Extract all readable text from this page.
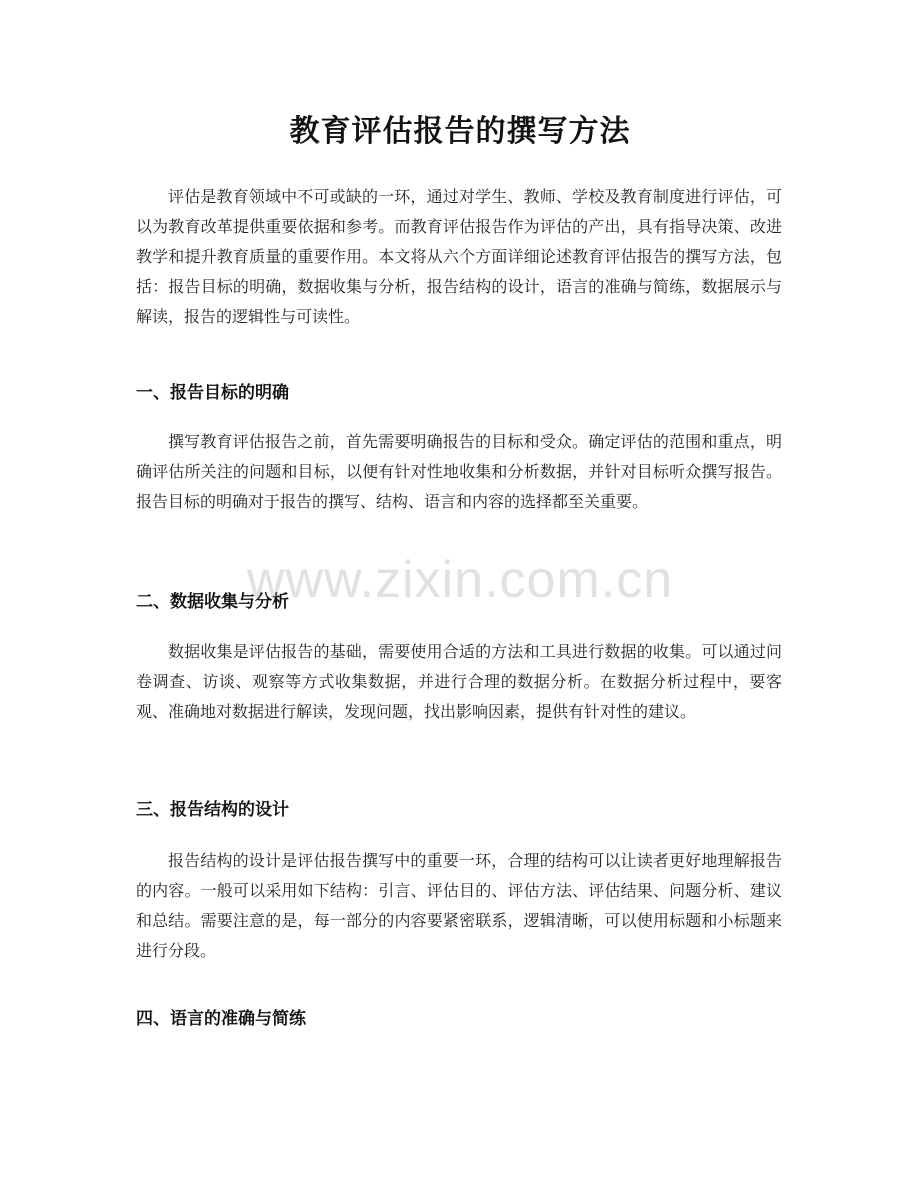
教育评估报告的撰写方法

评估是教育领域中不可或缺的一环，通过对学生、教师、学校及教育制度进行评估，可以为教育改革提供重要依据和参考。而教育评估报告作为评估的产出，具有指导决策、改进教学和提升教育质量的重要作用。本文将从六个方面详细论述教育评估报告的撰写方法，包括：报告目标的明确，数据收集与分析，报告结构的设计，语言的准确与简练，数据展示与解读，报告的逻辑性与可读性。

一、报告目标的明确

撰写教育评估报告之前，首先需要明确报告的目标和受众。确定评估的范围和重点，明确评估所关注的问题和目标，以便有针对性地收集和分析数据，并针对目标听众撰写报告。报告目标的明确对于报告的撰写、结构、语言和内容的选择都至关重要。

二、数据收集与分析

数据收集是评估报告的基础，需要使用合适的方法和工具进行数据的收集。可以通过问卷调查、访谈、观察等方式收集数据，并进行合理的数据分析。在数据分析过程中，要客观、准确地对数据进行解读，发现问题，找出影响因素，提供有针对性的建议。

三、报告结构的设计

报告结构的设计是评估报告撰写中的重要一环，合理的结构可以让读者更好地理解报告的内容。一般可以采用如下结构：引言、评估目的、评估方法、评估结果、问题分析、建议和总结。需要注意的是，每一部分的内容要紧密联系，逻辑清晰，可以使用标题和小标题来进行分段。

四、语言的准确与简练
www.zixin.com.cn
